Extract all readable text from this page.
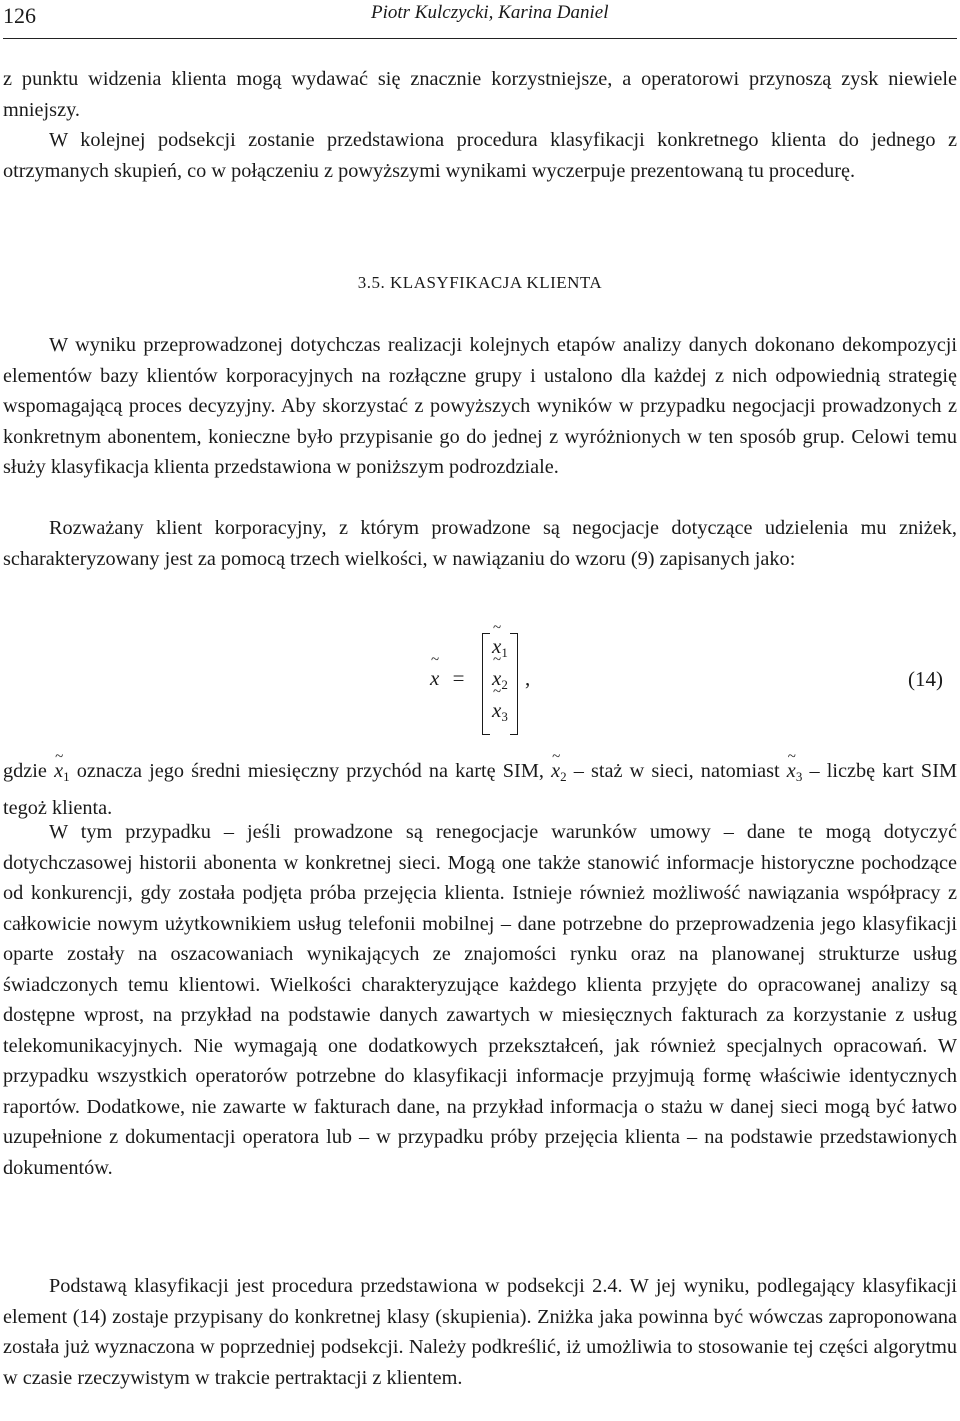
126	Piotr Kulczycki, Karina Daniel

z punktu widzenia klienta mogą wydawać się znacznie korzystniejsze, a operatorowi przynoszą zysk niewiele mniejszy.

W kolejnej podsekcji zostanie przedstawiona procedura klasyfikacji konkretnego klienta do jednego z otrzymanych skupień, co w połączeniu z powyższymi wynikami wyczerpuje prezentowaną tu procedurę.

3.5. KLASYFIKACJA KLIENTA

W wyniku przeprowadzonej dotychczas realizacji kolejnych etapów analizy danych dokonano dekompozycji elementów bazy klientów korporacyjnych na rozłączne grupy i ustalono dla każdej z nich odpowiednią strategię wspomagającą proces decyzyjny. Aby skorzystać z powyższych wyników w przypadku negocjacji prowadzonych z konkretnym abonentem, konieczne było przypisanie go do jednej z wyróżnionych w ten sposób grup. Celowi temu służy klasyfikacja klienta przedstawiona w poniższym podrozdziale.

Rozważany klient korporacyjny, z którym prowadzone są negocjacje dotyczące udzielenia mu zniżek, scharakteryzowany jest za pomocą trzech wielkości, w nawiązaniu do wzoru (9) zapisanych jako:

~ x =
~ $x_1$
~ $x_2$
~ $x_3$
,	(14)

gdzie ~ $x_1$ oznacza jego średni miesięczny przychód na kartę SIM, ~ $x_2$ – staż w sieci, natomiast ~ $x_3$ – liczbę kart SIM tegoż klienta.

W tym przypadku – jeśli prowadzone są renegocjacje warunków umowy – dane te mogą dotyczyć dotychczasowej historii abonenta w konkretnej sieci. Mogą one także stanowić informacje historyczne pochodzące od konkurencji, gdy została podjęta próba przejęcia klienta. Istnieje również możliwość nawiązania współpracy z całkowicie nowym użytkownikiem usług telefonii mobilnej – dane potrzebne do przeprowadzenia jego klasyfikacji oparte zostały na oszacowaniach wynikających ze znajomości rynku oraz na planowanej strukturze usług świadczonych temu klientowi. Wielkości charakteryzujące każdego klienta przyjęte do opracowanej analizy są dostępne wprost, na przykład na podstawie danych zawartych w miesięcznych fakturach za korzystanie z usług telekomunikacyjnych. Nie wymagają one dodatkowych przekształceń, jak również specjalnych opracowań. W przypadku wszystkich operatorów potrzebne do klasyfikacji informacje przyjmują formę właściwie identycznych raportów. Dodatkowe, nie zawarte w fakturach dane, na przykład informacja o stażu w danej sieci mogą być łatwo uzupełnione z dokumentacji operatora lub – w przypadku próby przejęcia klienta – na podstawie przedstawionych dokumentów.

Podstawą klasyfikacji jest procedura przedstawiona w podsekcji 2.4. W jej wyniku, podlegający klasyfikacji element (14) zostaje przypisany do konkretnej klasy (skupienia). Zniżka jaka powinna być wówczas zaproponowana została już wyznaczona w poprzedniej podsekcji. Należy podkreślić, iż umożliwia to stosowanie tej części algorytmu w czasie rzeczywistym w trakcie pertraktacji z klientem.
